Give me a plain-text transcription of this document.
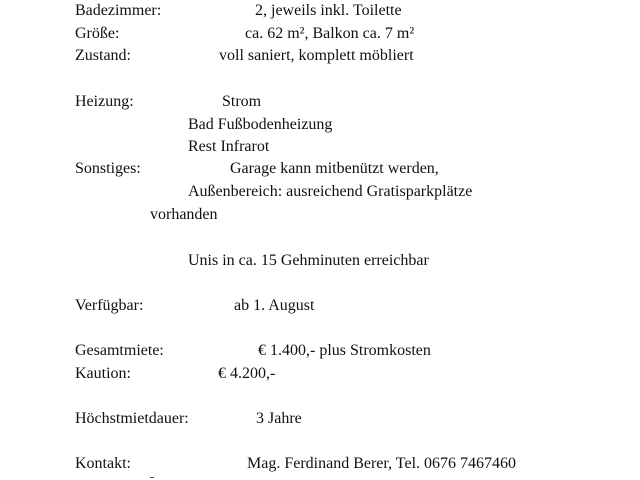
Badezimmer:	2, jeweils inkl. Toilette

Größe:	ca. 62 m², Balkon ca. 7 m²

Zustand:	voll saniert, komplett möbliert

Heizung:	Strom

Bad Fußbodenheizung

Rest Infrarot

Sonstiges:	Garage kann mitbenützt werden,

Außenbereich: ausreichend Gratisparkplätze

vorhanden

Unis in ca. 15 Gehminuten erreichbar

Verfügbar:	ab 1. August

Gesamtmiete:	€ 1.400,- plus Stromkosten

Kaution:	€ 4.200,-

Höchstmietdauer:	3 Jahre

Kontakt:	Mag. Ferdinand Berer, Tel. 0676 7467460
